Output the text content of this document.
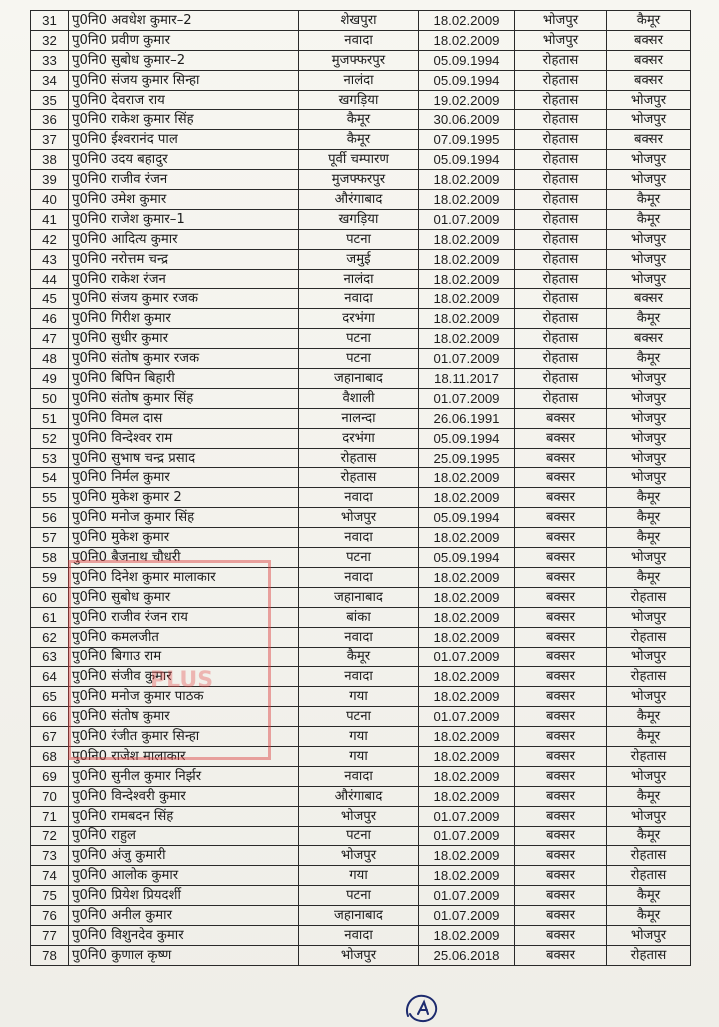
31	पु0नि0 अवधेश कुमार–2	शेखपुरा	18.02.2009	भोजपुर	कैमूर
32	पु0नि0 प्रवीण कुमार	नवादा	18.02.2009	भोजपुर	बक्सर
33	पु0नि0 सुबोध कुमार–2	मुजफ्फरपुर	05.09.1994	रोहतास	बक्सर
34	पु0नि0 संजय कुमार सिन्हा	नालंदा	05.09.1994	रोहतास	बक्सर
35	पु0नि0 देवराज राय	खगड़िया	19.02.2009	रोहतास	भोजपुर
36	पु0नि0 राकेश कुमार सिंह	कैमूर	30.06.2009	रोहतास	भोजपुर
37	पु0नि0 ईश्वरानंद पाल	कैमूर	07.09.1995	रोहतास	बक्सर
38	पु0नि0 उदय बहादुर	पूर्वी चम्पारण	05.09.1994	रोहतास	भोजपुर
39	पु0नि0 राजीव रंजन	मुजफ्फरपुर	18.02.2009	रोहतास	भोजपुर
40	पु0नि0 उमेश कुमार	औरंगाबाद	18.02.2009	रोहतास	कैमूर
41	पु0नि0 राजेश कुमार–1	खगड़िया	01.07.2009	रोहतास	कैमूर
42	पु0नि0 आदित्य कुमार	पटना	18.02.2009	रोहतास	भोजपुर
43	पु0नि0 नरोत्तम चन्द्र	जमुई	18.02.2009	रोहतास	भोजपुर
44	पु0नि0 राकेश रंजन	नालंदा	18.02.2009	रोहतास	भोजपुर
45	पु0नि0 संजय कुमार रजक	नवादा	18.02.2009	रोहतास	बक्सर
46	पु0नि0 गिरीश कुमार	दरभंगा	18.02.2009	रोहतास	कैमूर
47	पु0नि0 सुधीर कुमार	पटना	18.02.2009	रोहतास	बक्सर
48	पु0नि0 संतोष कुमार रजक	पटना	01.07.2009	रोहतास	कैमूर
49	पु0नि0 बिपिन बिहारी	जहानाबाद	18.11.2017	रोहतास	भोजपुर
50	पु0नि0 संतोष कुमार सिंह	वैशाली	01.07.2009	रोहतास	भोजपुर
51	पु0नि0 विमल दास	नालन्दा	26.06.1991	बक्सर	भोजपुर
52	पु0नि0 विन्देश्वर राम	दरभंगा	05.09.1994	बक्सर	भोजपुर
53	पु0नि0 सुभाष चन्द्र प्रसाद	रोहतास	25.09.1995	बक्सर	भोजपुर
54	पु0नि0 निर्मल कुमार	रोहतास	18.02.2009	बक्सर	भोजपुर
55	पु0नि0 मुकेश कुमार 2	नवादा	18.02.2009	बक्सर	कैमूर
56	पु0नि0 मनोज कुमार सिंह	भोजपुर	05.09.1994	बक्सर	कैमूर
57	पु0नि0 मुकेश कुमार	नवादा	18.02.2009	बक्सर	कैमूर
58	पु0नि0 बैजनाथ चौधरी	पटना	05.09.1994	बक्सर	भोजपुर
59	पु0नि0 दिनेश कुमार मालाकार	नवादा	18.02.2009	बक्सर	कैमूर
60	पु0नि0 सुबोध कुमार	जहानाबाद	18.02.2009	बक्सर	रोहतास
61	पु0नि0 राजीव रंजन राय	बांका	18.02.2009	बक्सर	भोजपुर
62	पु0नि0 कमलजीत	नवादा	18.02.2009	बक्सर	रोहतास
63	पु0नि0 बिगाउ राम	कैमूर	01.07.2009	बक्सर	भोजपुर
64	पु0नि0 संजीव कुमार	नवादा	18.02.2009	बक्सर	रोहतास
65	पु0नि0 मनोज कुमार पाठक	गया	18.02.2009	बक्सर	भोजपुर
66	पु0नि0 संतोष कुमार	पटना	01.07.2009	बक्सर	कैमूर
67	पु0नि0 रंजीत कुमार सिन्हा	गया	18.02.2009	बक्सर	कैमूर
68	पु0नि0 राजेश मालाकार	गया	18.02.2009	बक्सर	रोहतास
69	पु0नि0 सुनील कुमार निर्झर	नवादा	18.02.2009	बक्सर	भोजपुर
70	पु0नि0 विन्देश्वरी कुमार	औरंगाबाद	18.02.2009	बक्सर	कैमूर
71	पु0नि0 रामबदन सिंह	भोजपुर	01.07.2009	बक्सर	भोजपुर
72	पु0नि0 राहुल	पटना	01.07.2009	बक्सर	कैमूर
73	पु0नि0 अंजु कुमारी	भोजपुर	18.02.2009	बक्सर	रोहतास
74	पु0नि0 आलोक कुमार	गया	18.02.2009	बक्सर	रोहतास
75	पु0नि0 प्रियेश प्रियदर्शी	पटना	01.07.2009	बक्सर	कैमूर
76	पु0नि0 अनील कुमार	जहानाबाद	01.07.2009	बक्सर	कैमूर
77	पु0नि0 विशुनदेव कुमार	नवादा	18.02.2009	बक्सर	भोजपुर
78	पु0नि0 कुणाल कृष्ण	भोजपुर	25.06.2018	बक्सर	रोहतास
PLUS
